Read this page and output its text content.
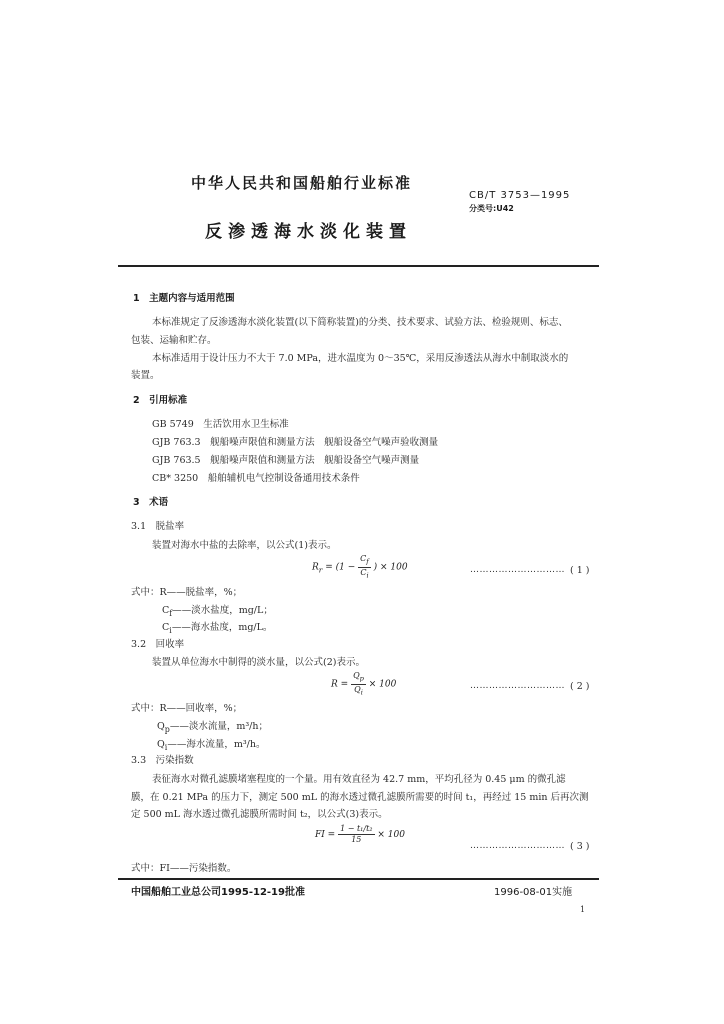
中华人民共和国船舶行业标准
CB/T 3753—1995
分类号:U42
反渗透海水淡化装置
1　主题内容与适用范围
本标准规定了反渗透海水淡化装置(以下简称装置)的分类、技术要求、试验方法、检验规则、标志、
包装、运输和贮存。
本标准适用于设计压力不大于 7.0 MPa，进水温度为 0～35℃，采用反渗透法从海水中制取淡水的
装置。
2　引用标准
GB 5749　生活饮用水卫生标准
GJB 763.3　舰船噪声限值和测量方法　舰船设备空气噪声验收测量
GJB 763.5　舰船噪声限值和测量方法　舰船设备空气噪声测量
CB* 3250　船舶辅机电气控制设备通用技术条件
3　术语
3.1　脱盐率
装置对海水中盐的去除率，以公式(1)表示。
$R_r = (1 - \frac{C_f}{C_i}$ ) × 100	………………………… ( 1 )
式中：R——脱盐率，%；
$C_f——$淡水盐度，mg/L；
$C_i——$海水盐度，mg/L。
3.2　回收率
装置从单位海水中制得的淡水量，以公式(2)表示。
$R = \frac{Q_p}{Q_i} \times 100$	………………………… ( 2 )
式中：R——回收率，%；
$Q_p——$淡水流量，m³/h；
$Q_i——$海水流量，m³/h。
3.3　污染指数
表征海水对微孔滤膜堵塞程度的一个量。用有效直径为 42.7 mm，平均孔径为 0.45 μm 的微孔滤
膜，在 0.21 MPa 的压力下，测定 500 mL 的海水透过微孔滤膜所需要的时间 t₁，再经过 15 min 后再次测
定 500 mL 海水透过微孔滤膜所需时间 t₂，以公式(3)表示。
FI = $\frac{\text{1 − t₁/t₂}}{15} \times 100$
………………………… ( 3 )
式中：FI——污染指数。
中国船舶工业总公司1995-12-19批准	1996-08-01实施
1
